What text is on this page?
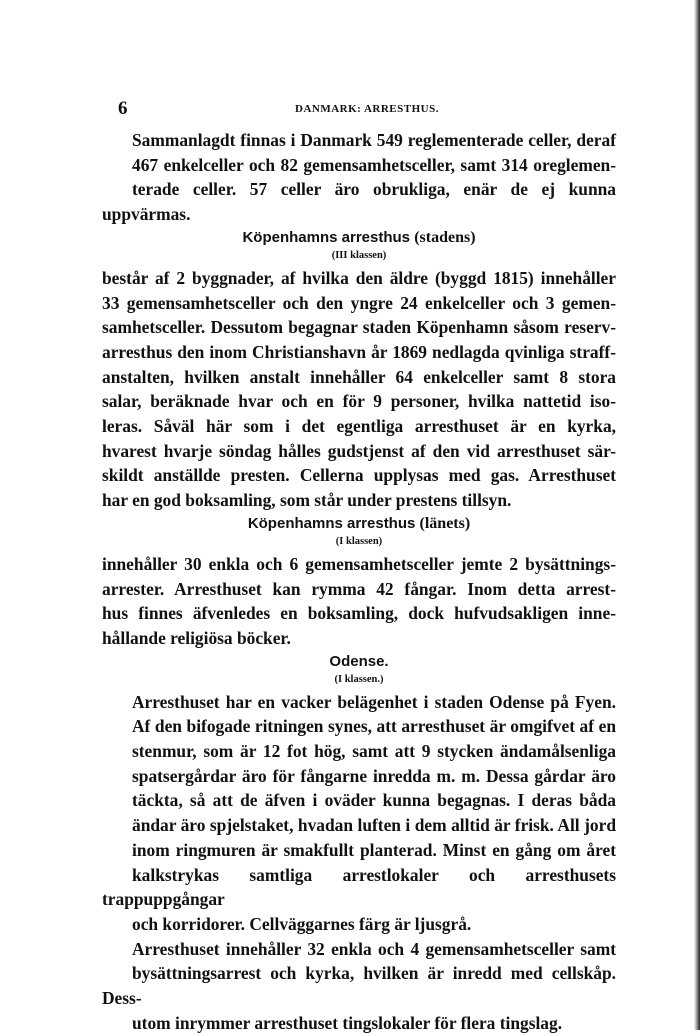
6	DANMARK: ARRESTHUS.

Sammanlagdt finnas i Danmark 549 reglementerade celler, deraf
467 enkelceller och 82 gemensamhetsceller, samt 314 oreglemen-
terade celler. 57 celler äro obrukliga, enär de ej kunna uppvärmas.

Köpenhamns arresthus (stadens)
(III klassen)

består af 2 byggnader, af hvilka den äldre (byggd 1815) innehåller
33 gemensamhetsceller och den yngre 24 enkelceller och 3 gemen-
samhetsceller. Dessutom begagnar staden Köpenhamn såsom reserv-
arresthus den inom Christianshavn år 1869 nedlagda qvinliga straff-
anstalten, hvilken anstalt innehåller 64 enkelceller samt 8 stora
salar, beräknade hvar och en för 9 personer, hvilka nattetid iso-
leras. Såväl här som i det egentliga arresthuset är en kyrka,
hvarest hvarje söndag hålles gudstjenst af den vid arresthuset sär-
skildt anställde presten. Cellerna upplysas med gas. Arresthuset
har en god boksamling, som står under prestens tillsyn.

Köpenhamns arresthus (länets)
(I klassen)

innehåller 30 enkla och 6 gemensamhetsceller jemte 2 bysättnings-
arrester. Arresthuset kan rymma 42 fångar. Inom detta arrest-
hus finnes äfvenledes en boksamling, dock hufvudsakligen inne-
hållande religiösa böcker.

Odense.
(I klassen.)

Arresthuset har en vacker belägenhet i staden Odense på Fyen.
Af den bifogade ritningen synes, att arresthuset är omgifvet af en
stenmur, som är 12 fot hög, samt att 9 stycken ändamålsenliga
spatsergårdar äro för fångarne inredda m. m. Dessa gårdar äro
täckta, så att de äfven i oväder kunna begagnas. I deras båda
ändar äro spjelstaket, hvadan luften i dem alltid är frisk. All jord
inom ringmuren är smakfullt planterad. Minst en gång om året
kalkstrykas samtliga arrestlokaler och arresthusets trappuppgångar
och korridorer. Cellväggarnes färg är ljusgrå.

Arresthuset innehåller 32 enkla och 4 gemensamhetsceller samt
bysättningsarrest och kyrka, hvilken är inredd med cellskåp. Dess-
utom inrymmer arresthuset tingslokaler för flera tingslag.
